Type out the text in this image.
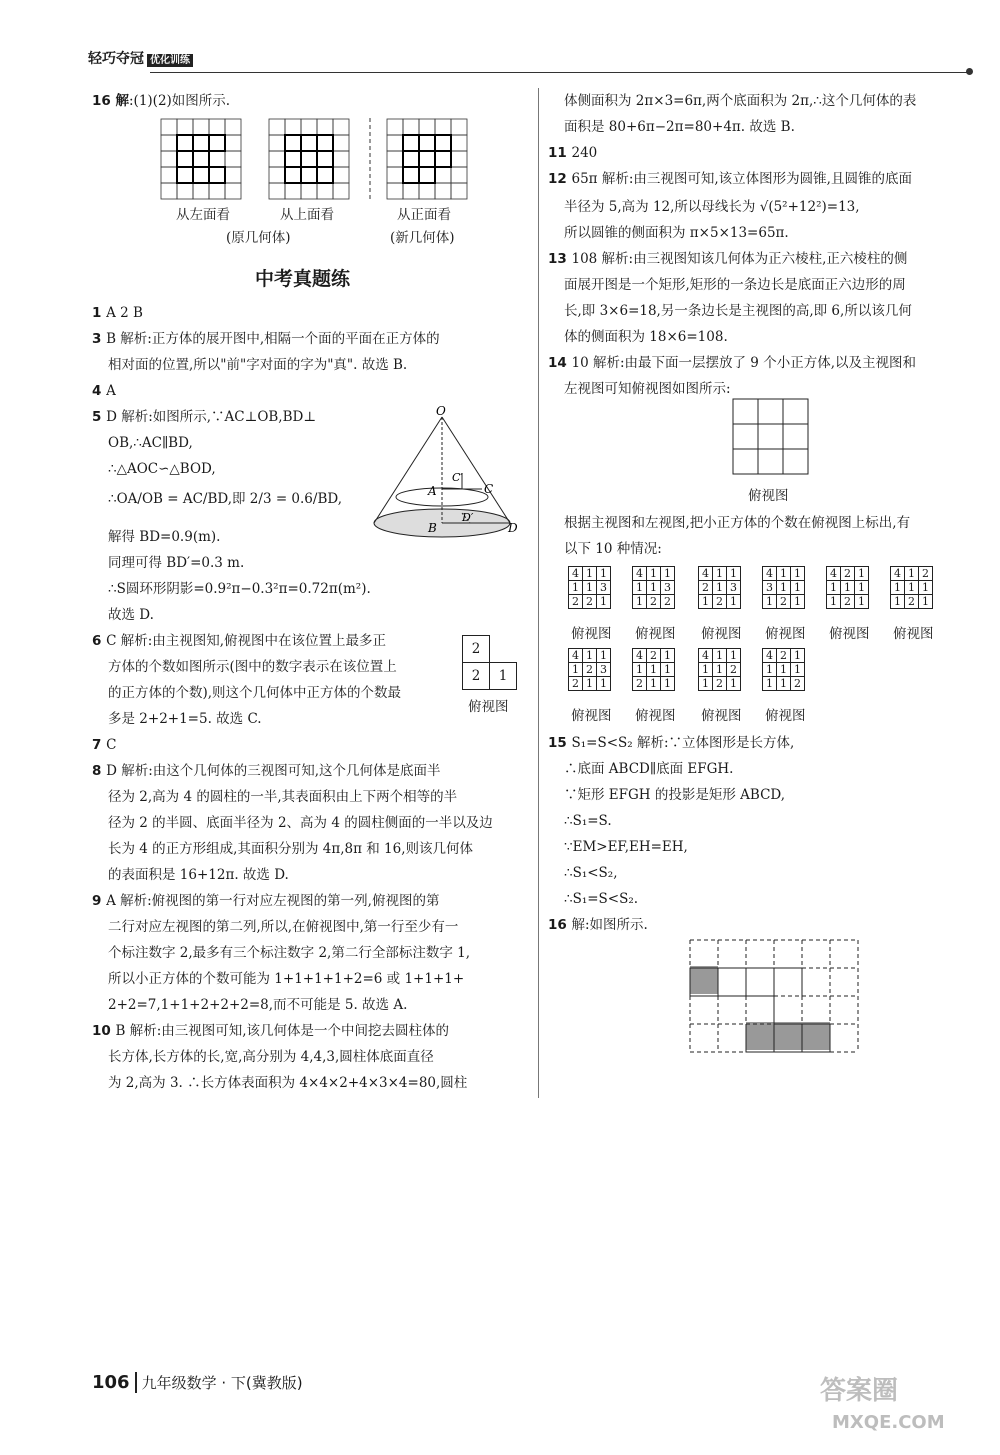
轻巧夺冠 优化训练
16 解:(1)(2)如图所示.
从左面看	从上面看	从正面看
(原几何体)	(新几何体)
中考真题练
1 A 2 B
3 B 解析:正方体的展开图中,相隔一个面的平面在正方体的
相对面的位置,所以"前"字对面的字为"真". 故选 B.
4 A
5 D 解析:如图所示,∵AC⊥OB,BD⊥
OB,∴AC∥BD,
∴△AOC∽△BOD,
∴OA/OB = AC/BD,即 2/3 = 0.6/BD,
解得 BD=0.9(m).
同理可得 BD′=0.3 m.
∴S圆环形阴影=0.9²π−0.3²π=0.72π(m²).
故选 D.
6 C 解析:由主视图知,俯视图中在该位置上最多正
方体的个数如图所示(图中的数字表示在该位置上
的正方体的个数),则这个几何体中正方体的个数最
多是 2+2+1=5. 故选 C.
7 C
8 D 解析:由这个几何体的三视图可知,这个几何体是底面半
径为 2,高为 4 的圆柱的一半,其表面积由上下两个相等的半
径为 2 的半圆、底面半径为 2、高为 4 的圆柱侧面的一半以及边
长为 4 的正方形组成,其面积分别为 4π,8π 和 16,则该几何体
的表面积是 16+12π. 故选 D.
9 A 解析:俯视图的第一行对应左视图的第一列,俯视图的第
二行对应左视图的第二列,所以,在俯视图中,第一行至少有一
个标注数字 2,最多有三个标注数字 2,第二行全部标注数字 1,
所以小正方体的个数可能为 1+1+1+1+2=6 或 1+1+1+
2+2=7,1+1+2+2+2=8,而不可能是 5. 故选 A.
10 B 解析:由三视图可知,该几何体是一个中间挖去圆柱体的
长方体,长方体的长,宽,高分别为 4,4,3,圆柱体底面直径
为 2,高为 3. ∴长方体表面积为 4×4×2+4×3×4=80,圆柱
O
C′
C
A
D′
B	D
2
2	1
俯视图
体侧面积为 2π×3=6π,两个底面积为 2π,∴这个几何体的表
面积是 80+6π−2π=80+4π. 故选 B.
11 240
12 65π 解析:由三视图可知,该立体图形为圆锥,且圆锥的底面
半径为 5,高为 12,所以母线长为 √(5²+12²)=13,
所以圆锥的侧面积为 π×5×13=65π.
13 108 解析:由三视图知该几何体为正六棱柱,正六棱柱的侧
面展开图是一个矩形,矩形的一条边长是底面正六边形的周
长,即 3×6=18,另一条边长是主视图的高,即 6,所以该几何
体的侧面积为 18×6=108.
14 10 解析:由最下面一层摆放了 9 个小正方体,以及主视图和
左视图可知俯视图如图所示:
俯视图
根据主视图和左视图,把小正方体的个数在俯视图上标出,有
以下 10 种情况:
4	1	1
1	1	3
2	2	1
俯视图
4	1	1
1	1	3
1	2	2
俯视图
4	1	1
2	1	3
1	2	1
俯视图
4	1	1
3	1	1
1	2	1
俯视图
4	2	1
1	1	1
1	2	1
俯视图
4	1	2
1	1	1
1	2	1
俯视图
4	1	1
1	2	3
2	1	1
俯视图
4	2	1
1	1	1
2	1	1
俯视图
4	1	1
1	1	2
1	2	1
俯视图
4	2	1
1	1	1
1	1	2
俯视图
15 S₁=S<S₂ 解析:∵立体图形是长方体,
∴底面 ABCD∥底面 EFGH.
∵矩形 EFGH 的投影是矩形 ABCD,
∴S₁=S.
∵EM>EF,EH=EH,
∴S₁<S₂,
∴S₁=S<S₂.
16 解:如图所示.
106 九年级数学 · 下(冀教版)	答案圈
MXQE.COM
